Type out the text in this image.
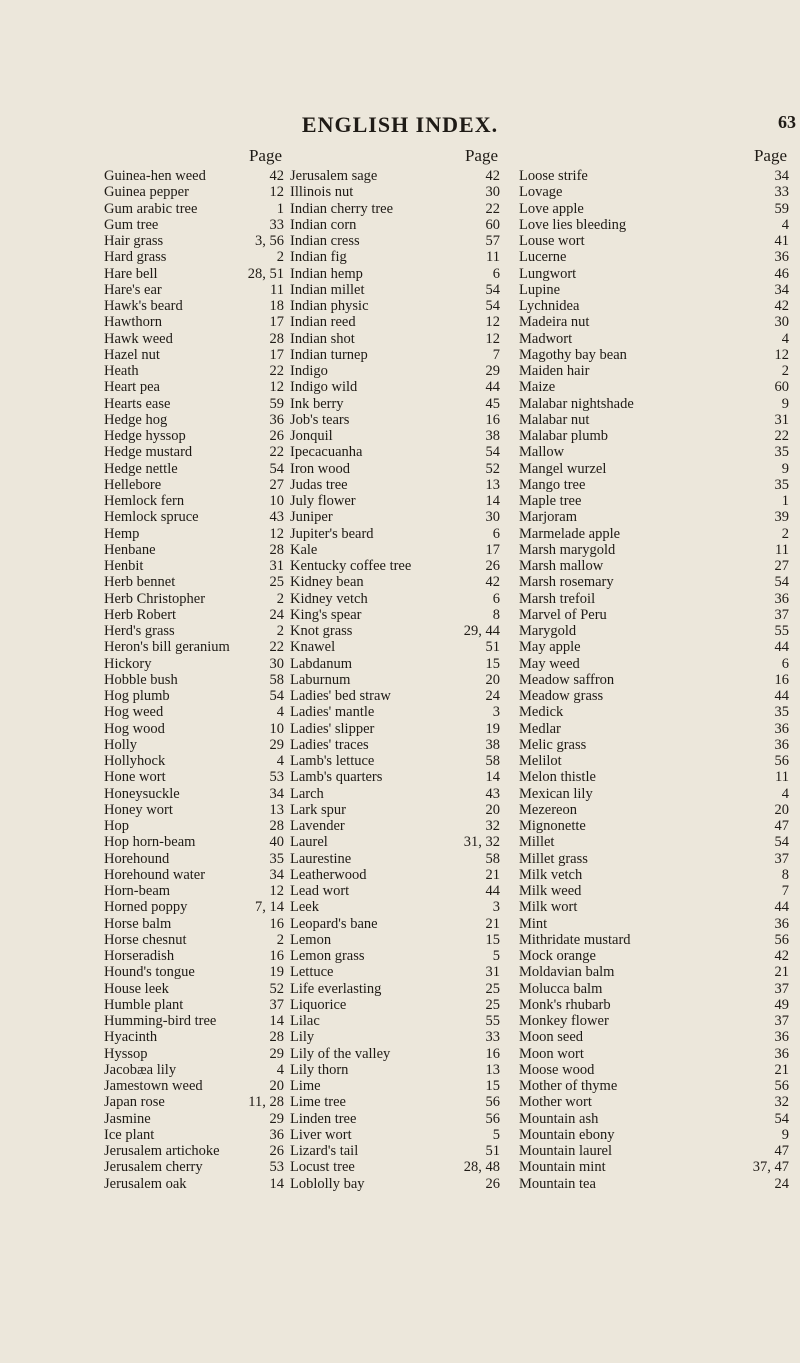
ENGLISH INDEX.	63
Page
Guinea-hen weed	42
Guinea pepper	12
Gum arabic tree	1
Gum tree	33
Hair grass	3, 56
Hard grass	2
Hare bell	28, 51
Hare's ear	11
Hawk's beard	18
Hawthorn	17
Hawk weed	28
Hazel nut	17
Heath	22
Heart pea	12
Hearts ease	59
Hedge hog	36
Hedge hyssop	26
Hedge mustard	22
Hedge nettle	54
Hellebore	27
Hemlock fern	10
Hemlock spruce	43
Hemp	12
Henbane	28
Henbit	31
Herb bennet	25
Herb Christopher	2
Herb Robert	24
Herd's grass	2
Heron's bill geranium	22
Hickory	30
Hobble bush	58
Hog plumb	54
Hog weed	4
Hog wood	10
Holly	29
Hollyhock	4
Hone wort	53
Honeysuckle	34
Honey wort	13
Hop	28
Hop horn-beam	40
Horehound	35
Horehound water	34
Horn-beam	12
Horned poppy	7, 14
Horse balm	16
Horse chesnut	2
Horseradish	16
Hound's tongue	19
House leek	52
Humble plant	37
Humming-bird tree	14
Hyacinth	28
Hyssop	29
Jacobæa lily	4
Jamestown weed	20
Japan rose	11, 28
Jasmine	29
Ice plant	36
Jerusalem artichoke	26
Jerusalem cherry	53
Jerusalem oak	14
Page
Jerusalem sage	42
Illinois nut	30
Indian cherry tree	22
Indian corn	60
Indian cress	57
Indian fig	11
Indian hemp	6
Indian millet	54
Indian physic	54
Indian reed	12
Indian shot	12
Indian turnep	7
Indigo	29
Indigo wild	44
Ink berry	45
Job's tears	16
Jonquil	38
Ipecacuanha	54
Iron wood	52
Judas tree	13
July flower	14
Juniper	30
Jupiter's beard	6
Kale	17
Kentucky coffee tree	26
Kidney bean	42
Kidney vetch	6
King's spear	8
Knot grass	29, 44
Knawel	51
Labdanum	15
Laburnum	20
Ladies' bed straw	24
Ladies' mantle	3
Ladies' slipper	19
Ladies' traces	38
Lamb's lettuce	58
Lamb's quarters	14
Larch	43
Lark spur	20
Lavender	32
Laurel	31, 32
Laurestine	58
Leatherwood	21
Lead wort	44
Leek	3
Leopard's bane	21
Lemon	15
Lemon grass	5
Lettuce	31
Life everlasting	25
Liquorice	25
Lilac	55
Lily	33
Lily of the valley	16
Lily thorn	13
Lime	15
Lime tree	56
Linden tree	56
Liver wort	5
Lizard's tail	51
Locust tree	28, 48
Loblolly bay	26
Page
Loose strife	34
Lovage	33
Love apple	59
Love lies bleeding	4
Louse wort	41
Lucerne	36
Lungwort	46
Lupine	34
Lychnidea	42
Madeira nut	30
Madwort	4
Magothy bay bean	12
Maiden hair	2
Maize	60
Malabar nightshade	9
Malabar nut	31
Malabar plumb	22
Mallow	35
Mangel wurzel	9
Mango tree	35
Maple tree	1
Marjoram	39
Marmelade apple	2
Marsh marygold	11
Marsh mallow	27
Marsh rosemary	54
Marsh trefoil	36
Marvel of Peru	37
Marygold	55
May apple	44
May weed	6
Meadow saffron	16
Meadow grass	44
Medick	35
Medlar	36
Melic grass	36
Melilot	56
Melon thistle	11
Mexican lily	4
Mezereon	20
Mignonette	47
Millet	54
Millet grass	37
Milk vetch	8
Milk weed	7
Milk wort	44
Mint	36
Mithridate mustard	56
Mock orange	42
Moldavian balm	21
Molucca balm	37
Monk's rhubarb	49
Monkey flower	37
Moon seed	36
Moon wort	36
Moose wood	21
Mother of thyme	56
Mother wort	32
Mountain ash	54
Mountain ebony	9
Mountain laurel	47
Mountain mint	37, 47
Mountain tea	24
